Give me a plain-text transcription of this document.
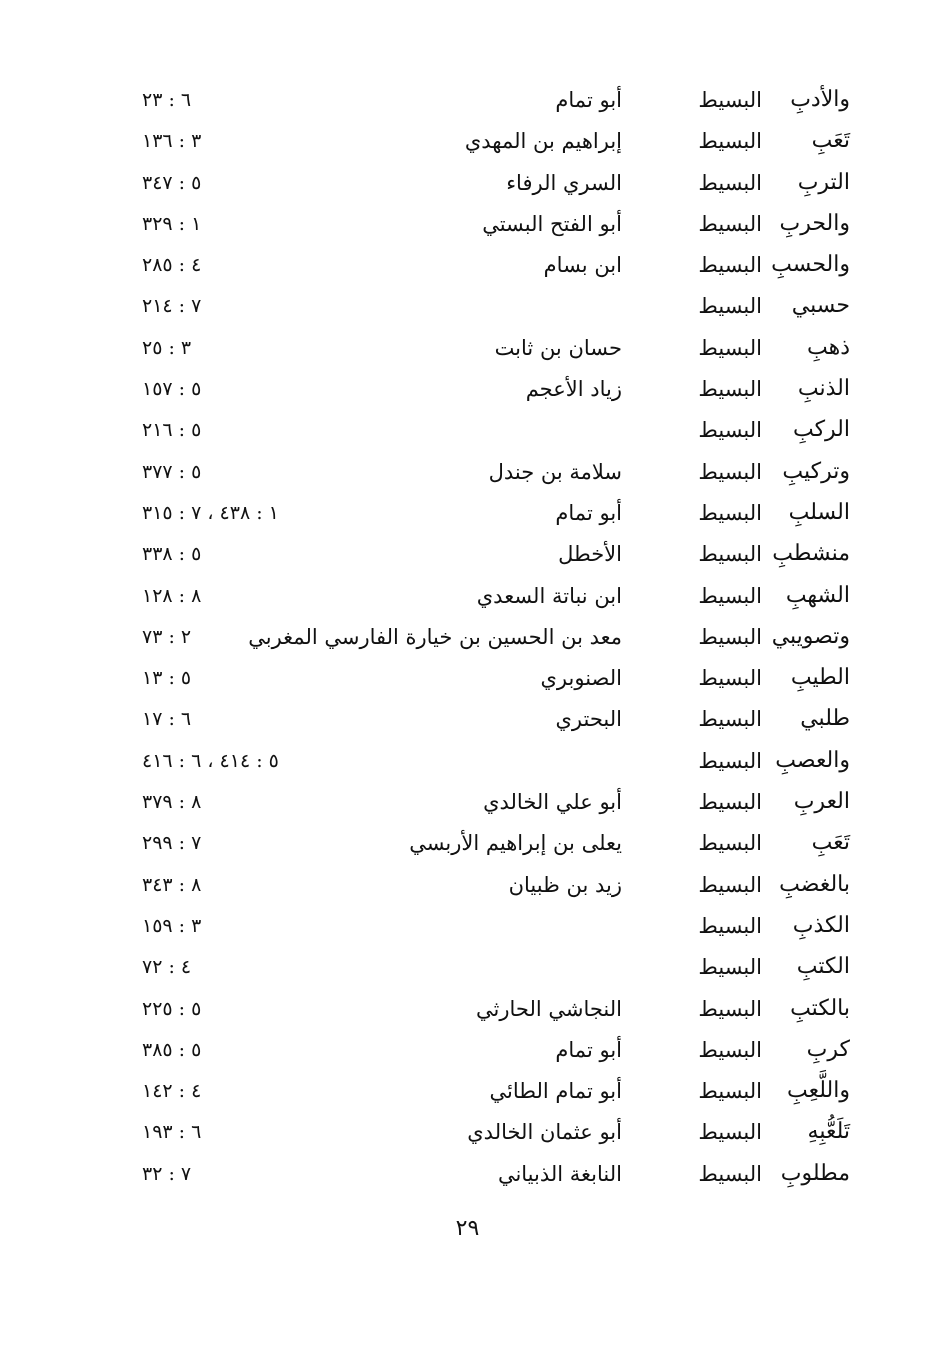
والأدبِ
البسيط
أبو تمام
٦ : ٢٣
تَعَبِ
البسيط
إبراهيم بن المهدي
٣ : ١٣٦
التربِ
البسيط
السري الرفاء
٥ : ٣٤٧
والحربِ
البسيط
أبو الفتح البستي
١ : ٣٢٩
والحسبِ
البسيط
ابن بسام
٤ : ٢٨٥
حسبي
البسيط
٧ : ٢١٤
ذهبِ
البسيط
حسان بن ثابت
٣ : ٢٥
الذنبِ
البسيط
زياد الأعجم
٥ : ١٥٧
الركبِ
البسيط
٥ : ٢١٦
وتركيبِ
البسيط
سلامة بن جندل
٥ : ٣٧٧
السلبِ
البسيط
أبو تمام
١ : ٤٣٨ ، ٧ : ٣١٥
منشطبِ
البسيط
الأخطل
٥ : ٣٣٨
الشهبِ
البسيط
ابن نباتة السعدي
٨ : ١٢٨
وتصويبي
البسيط
معد بن الحسين بن خيارة الفارسي المغربي
٢ : ٧٣
الطيبِ
البسيط
الصنوبري
٥ : ١٣
طلبي
البسيط
البحتري
٦ : ١٧
والعصبِ
البسيط
٥ : ٤١٤ ، ٦ : ٤١٦
العربِ
البسيط
أبو علي الخالدي
٨ : ٣٧٩
تَعَبِ
البسيط
يعلى بن إبراهيم الأربسي
٧ : ٢٩٩
بالغضبِ
البسيط
زيد بن ظبيان
٨ : ٣٤٣
الكذبِ
البسيط
٣ : ١٥٩
الكتبِ
البسيط
٤ : ٧٢
بالكتبِ
البسيط
النجاشي الحارثي
٥ : ٢٢٥
كربِ
البسيط
أبو تمام
٥ : ٣٨٥
واللَّعِبِ
البسيط
أبو تمام الطائي
٤ : ١٤٢
تَلَعُّبِهِ
البسيط
أبو عثمان الخالدي
٦ : ١٩٣
مطلوبِ
البسيط
النابغة الذبياني
٧ : ٣٢
٢٩
